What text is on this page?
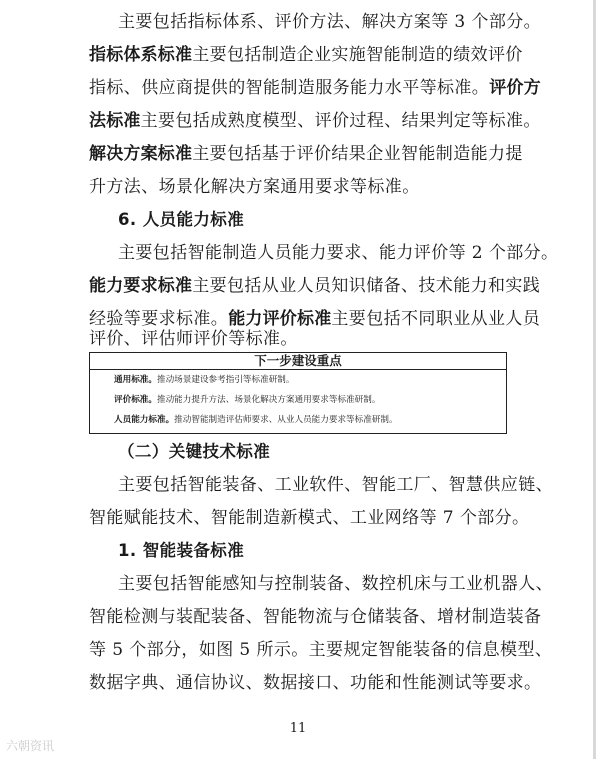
主要包括指标体系、评价方法、解决方案等 3 个部分。
指标体系标准主要包括制造企业实施智能制造的绩效评价
指标、供应商提供的智能制造服务能力水平等标准。评价方
法标准主要包括成熟度模型、评价过程、结果判定等标准。
解决方案标准主要包括基于评价结果企业智能制造能力提
升方法、场景化解决方案通用要求等标准。
6. 人员能力标准
主要包括智能制造人员能力要求、能力评价等 2 个部分。
能力要求标准主要包括从业人员知识储备、技术能力和实践
经验等要求标准。能力评价标准主要包括不同职业从业人员
评价、评估师评价等标准。
下一步建设重点
通用标准。推动场景建设参考指引等标准研制。
评价标准。推动能力提升方法、场景化解决方案通用要求等标准研制。
人员能力标准。推动智能制造评估师要求、从业人员能力要求等标准研制。
（二）关键技术标准
主要包括智能装备、工业软件、智能工厂、智慧供应链、
智能赋能技术、智能制造新模式、工业网络等 7 个部分。
1. 智能装备标准
主要包括智能感知与控制装备、数控机床与工业机器人、
智能检测与装配装备、智能物流与仓储装备、增材制造装备
等 5 个部分，如图 5 所示。主要规定智能装备的信息模型、
数据字典、通信协议、数据接口、功能和性能测试等要求。
11
六朝资讯
